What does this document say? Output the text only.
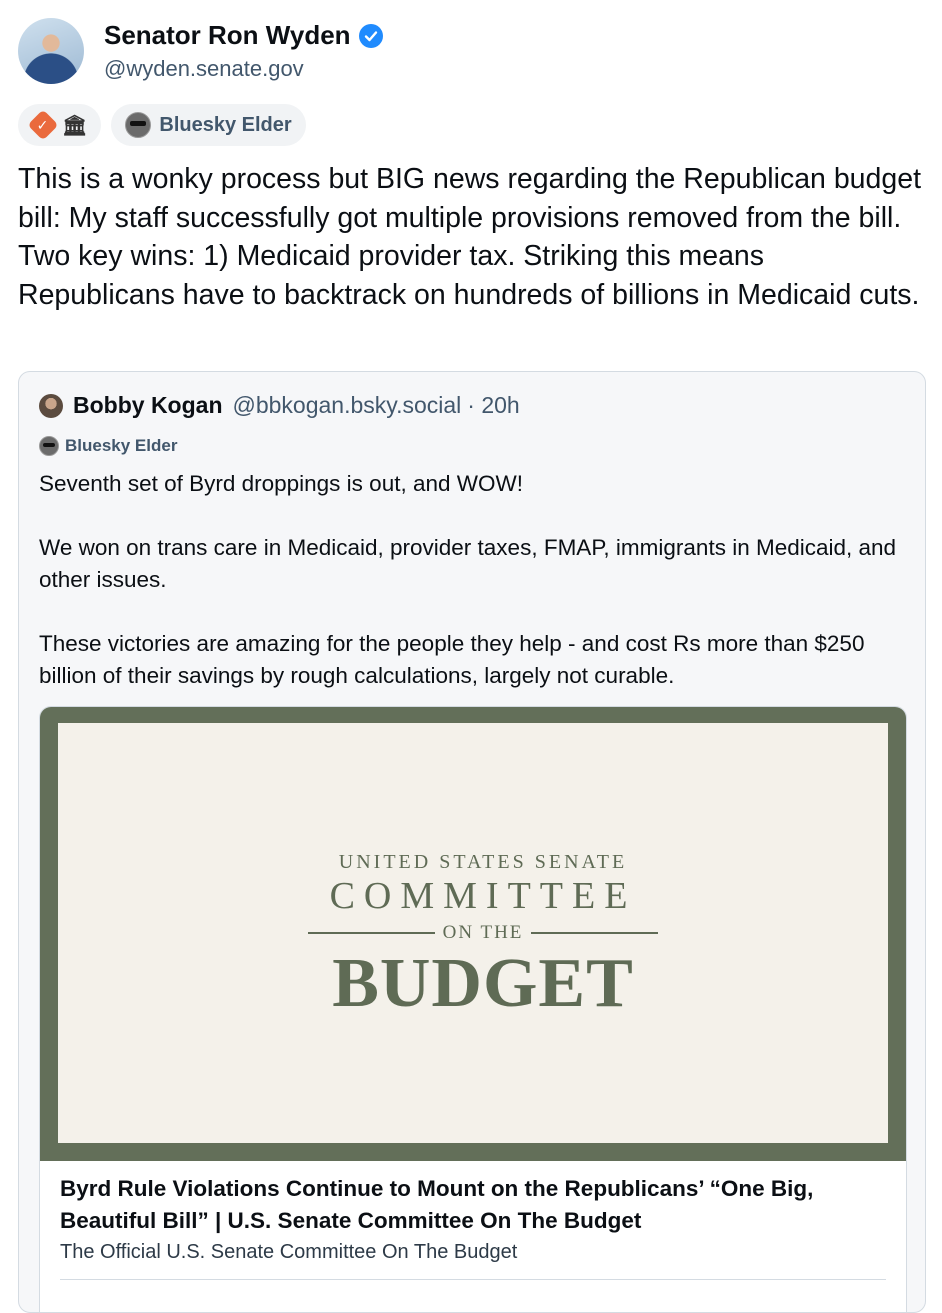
Senator Ron Wyden
@wyden.senate.gov
✓ 🏛	Bluesky Elder
This is a wonky process but BIG news regarding the Republican budget bill: My staff successfully got multiple provisions removed from the bill. Two key wins: 1) Medicaid provider tax. Striking this means Republicans have to backtrack on hundreds of billions in Medicaid cuts.
Bobby Kogan @bbkogan.bsky.social · 20h
Bluesky Elder

Seventh set of Byrd droppings is out, and WOW!

We won on trans care in Medicaid, provider taxes, FMAP, immigrants in Medicaid, and other issues.

These victories are amazing for the people they help - and cost Rs more than $250 billion of their savings by rough calculations, largely not curable.

UNITED STATES SENATE
COMMITTEE
ON THE
BUDGET
Byrd Rule Violations Continue to Mount on the Republicans’ “One Big, Beautiful Bill” | U.S. Senate Committee On The Budget
The Official U.S. Senate Committee On The Budget
